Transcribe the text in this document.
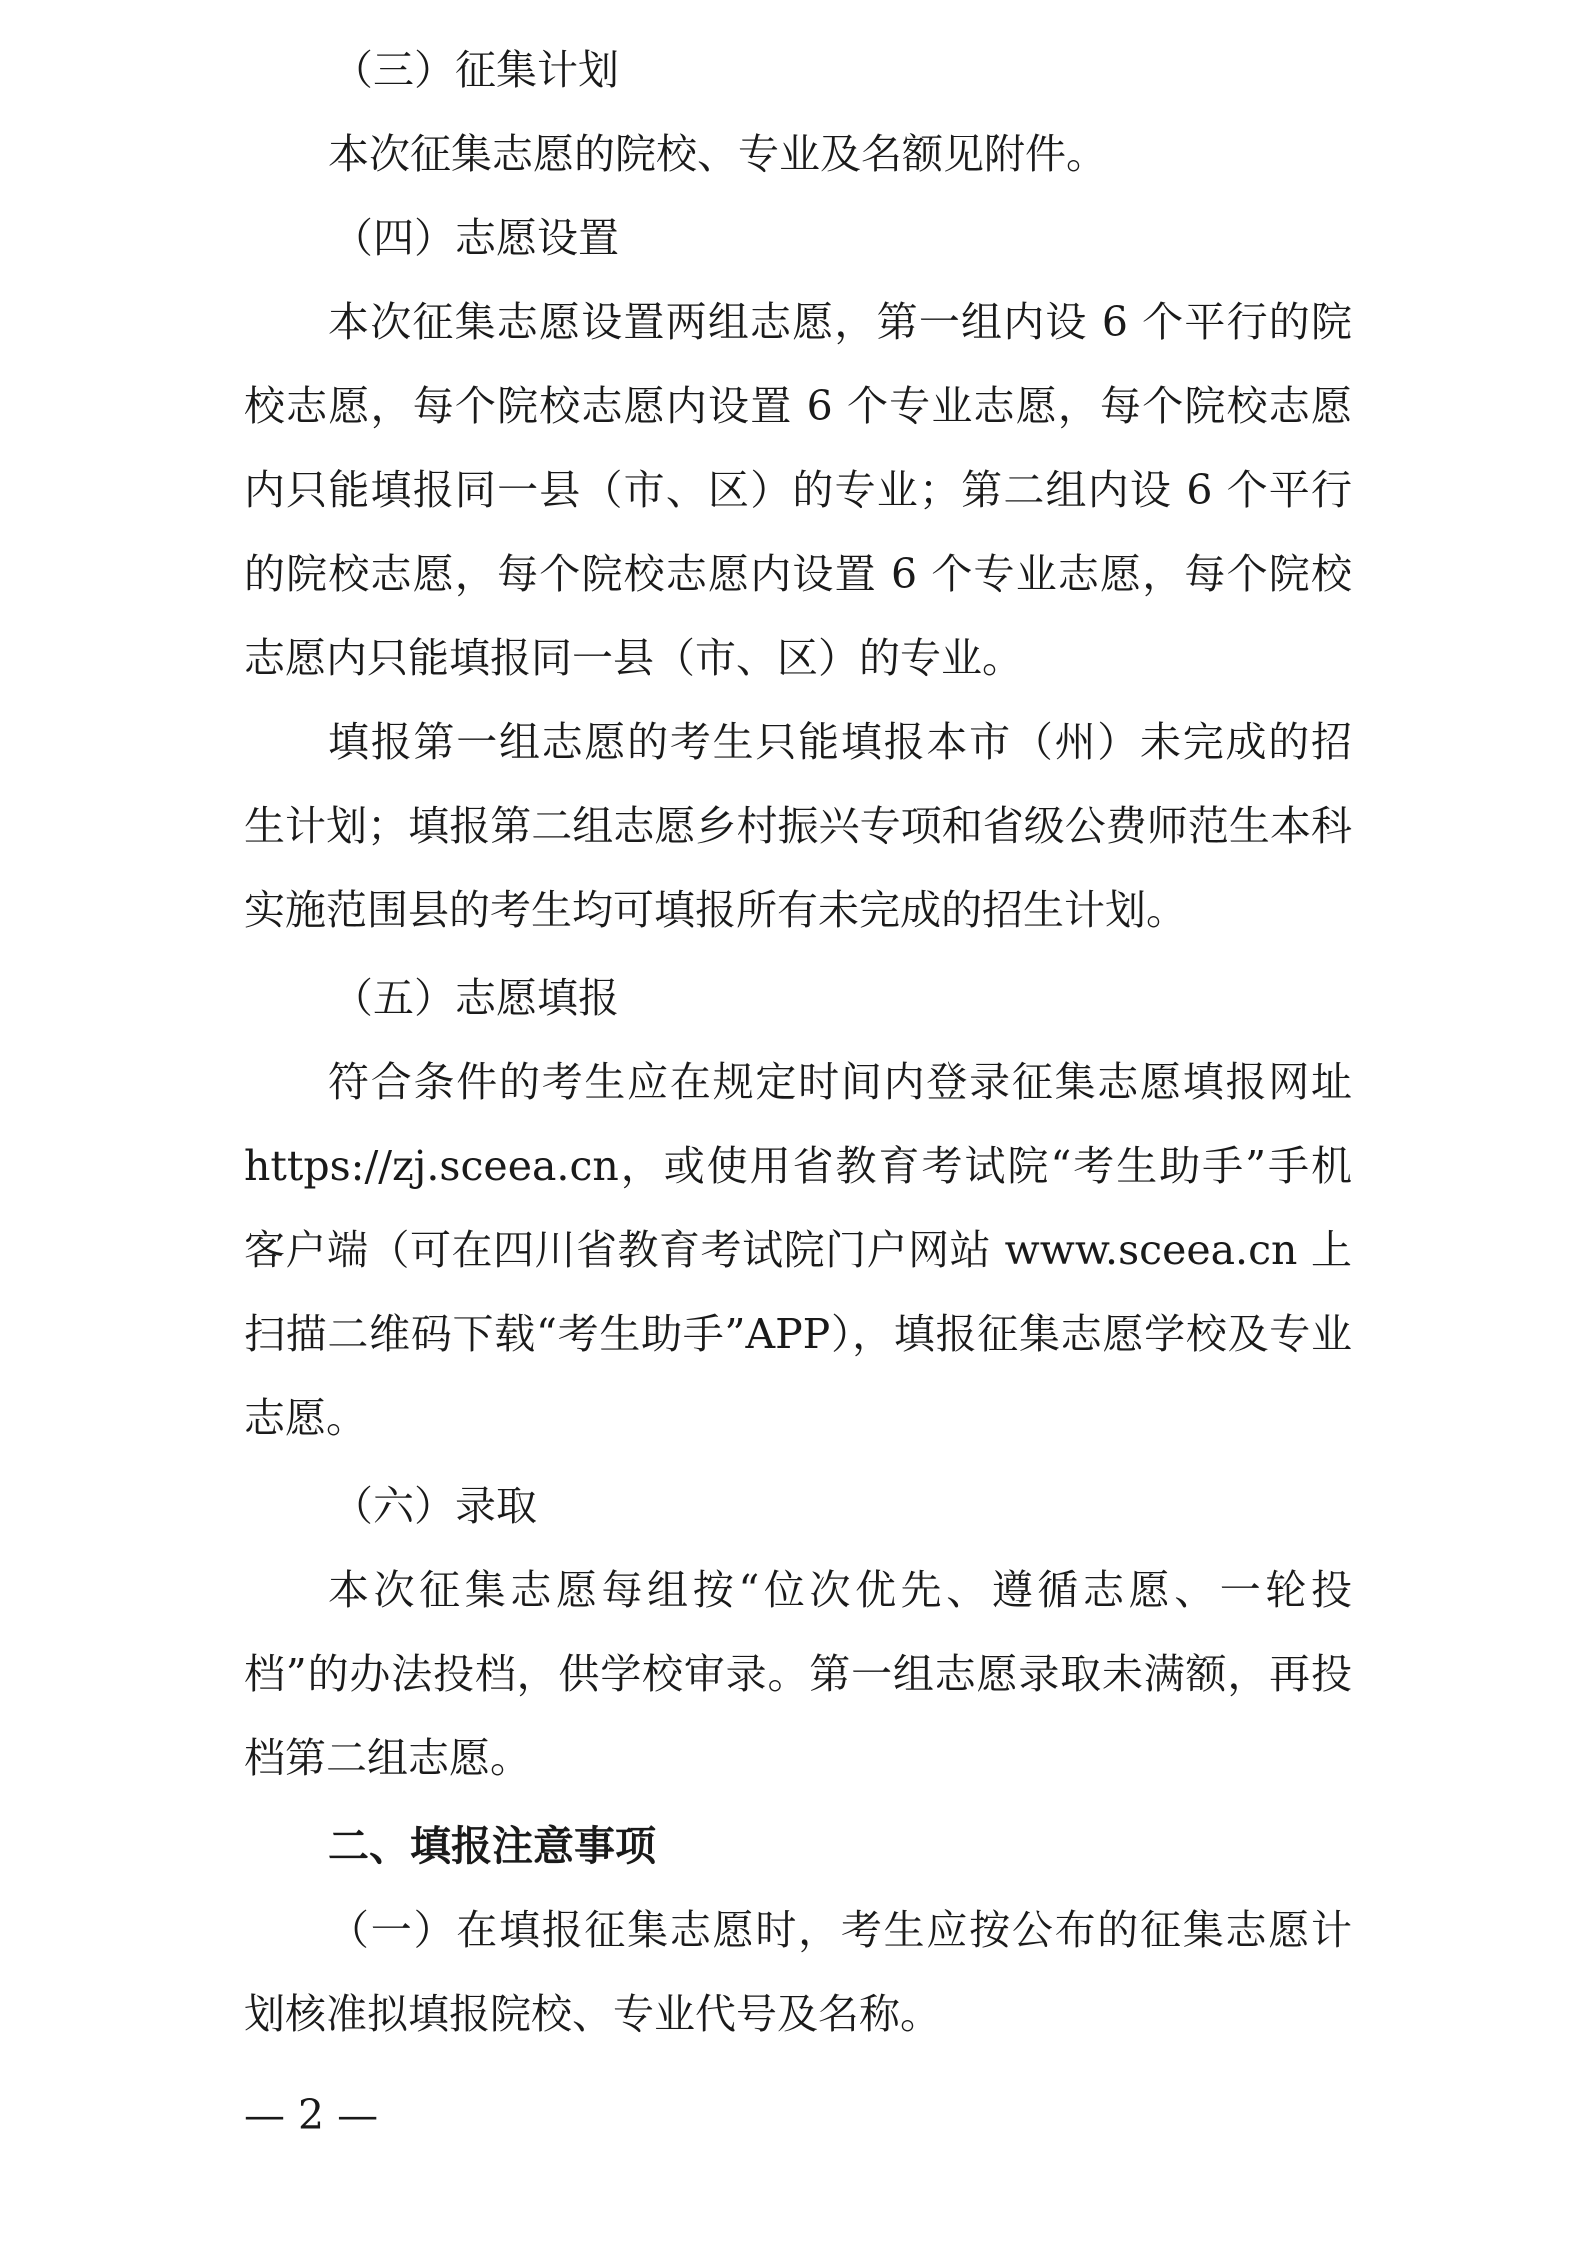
（三）征集计划

本次征集志愿的院校、专业及名额见附件。

（四）志愿设置

本次征集志愿设置两组志愿，第一组内设 6 个平行的院校志愿，每个院校志愿内设置 6 个专业志愿，每个院校志愿内只能填报同一县（市、区）的专业；第二组内设 6 个平行的院校志愿，每个院校志愿内设置 6 个专业志愿，每个院校志愿内只能填报同一县（市、区）的专业。

填报第一组志愿的考生只能填报本市（州）未完成的招生计划；填报第二组志愿乡村振兴专项和省级公费师范生本科实施范围县的考生均可填报所有未完成的招生计划。

（五）志愿填报

符合条件的考生应在规定时间内登录征集志愿填报网址 https://zj.sceea.cn，或使用省教育考试院“考生助手”手机客户端（可在四川省教育考试院门户网站 www.sceea.cn 上扫描二维码下载“考生助手”APP），填报征集志愿学校及专业志愿。

（六）录取

本次征集志愿每组按“位次优先、遵循志愿、一轮投档”的办法投档，供学校审录。第一组志愿录取未满额，再投档第二组志愿。

二、填报注意事项

（一）在填报征集志愿时，考生应按公布的征集志愿计划核准拟填报院校、专业代号及名称。

— 2 —
